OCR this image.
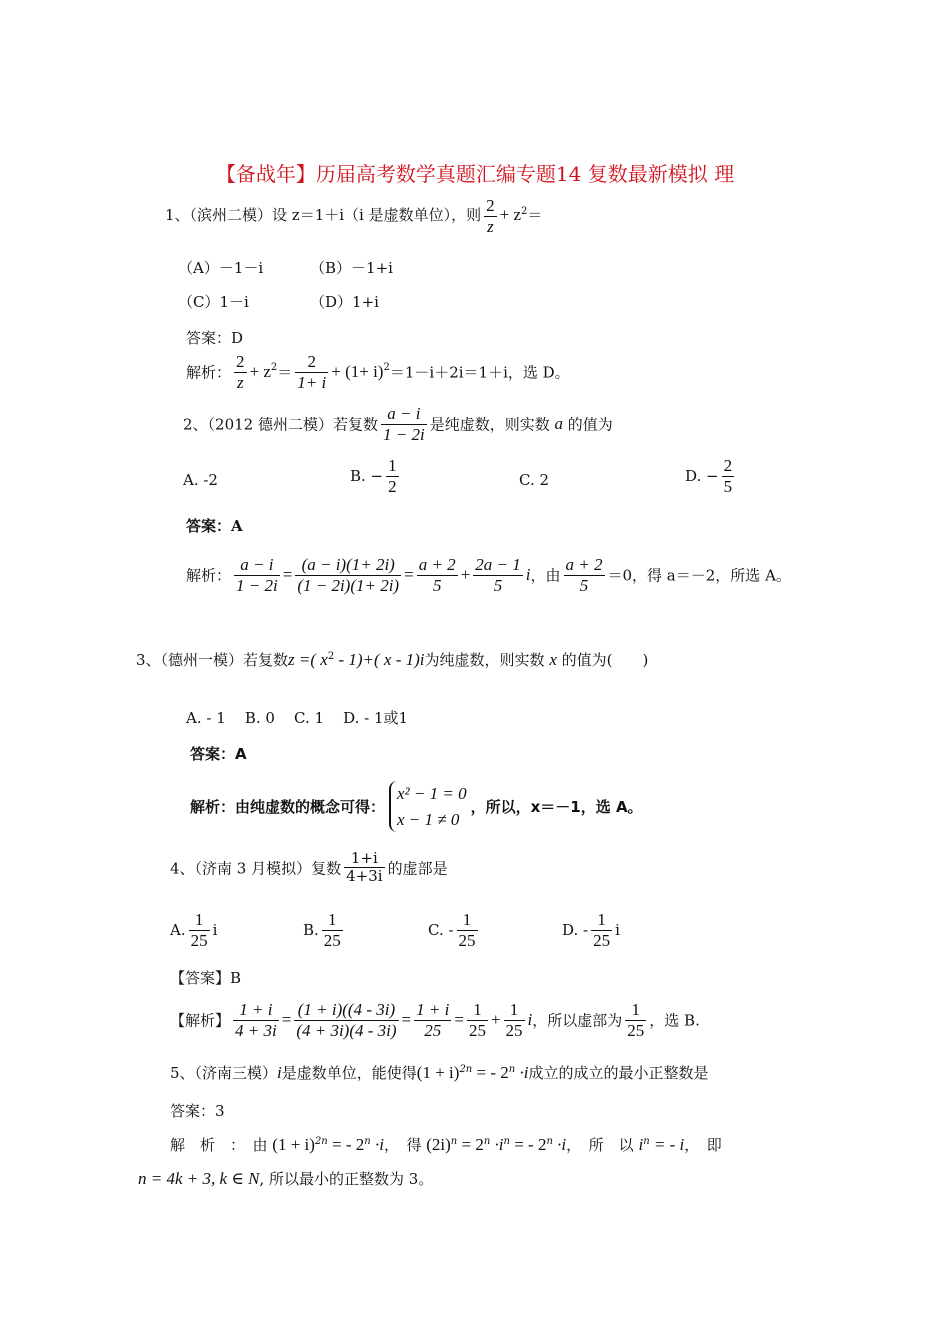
【备战年】历届高考数学真题汇编专题14 复数最新模拟 理
1、（滨州二模）设 z＝1＋i（i 是虚数单位），则 $\frac{2}{z} + z^2=$
（A）－1－i	（B）－1+i
（C）1－i	（D）1+i
答案：D
解析： $\frac{2}{z} + z^2= \frac{2}{1+ i} + (1+ i)^2=1-i+2i=1+i$，选 D。
2、（2012 德州二模）若复数 $\frac{a - i}{1 - 2i}$ 是纯虚数，则实数 a 的值为
A. -2	B. − $\frac{1}{2}$	C. 2	D. − $\frac{2}{5}$
答案：A
解析： $\frac{a - i}{1 - 2i} = \frac{(a - i)(1+ 2i)}{(1 - 2i)(1+ 2i)} = \frac{a + 2}{5} + \frac{2a - 1}{5}$ i，由 $\frac{a + 2}{5} =0$，得 a＝－2，所选 A。
3、（德州一模）若复数z =( $x^2 - 1)+$( x - 1)i为纯虚数，则实数 x 的值为(　　)
A. - 1    B. 0    C. 1    D. - 1或1
答案：A
解析：由纯虚数的概念可得：
x² − 1 = 0
x − 1 ≠ 0
，所以，x＝－1，选 A。
4、（济南 3 月模拟）复数 $\frac{1+i}{4+3i}$ 的虚部是
A. $\frac{1}{25}$ i	B. $\frac{1}{25}$	C. - $\frac{1}{25}$	D. - $\frac{1}{25}$ i
【答案】B
【解析】 $\frac{1 + i}{4 + 3i} = \frac{(1 + i)((4 - 3i)}{(4 + 3i)(4 - 3i)} = \frac{1 + i}{25} = \frac{1}{25} + \frac{1}{25}$ i，所以虚部为 $\frac{1}{25}$ ，选 B.
5、（济南三模）i是虚数单位，能使得$(1 + i)^{2n}$ = - $2^n \cdot i$成立的成立的最小正整数是
答案：3
解　析　：　由 $(1 + i)^{2n}$ = - $2^n \cdot i$，　得 $(2i)^n = 2^n \cdot i^n$ = - $2^n \cdot i$，　所　以 $i^n$ = - i，　即
n = 4k + 3, k ∈ N, 所以最小的正整数为 3。
